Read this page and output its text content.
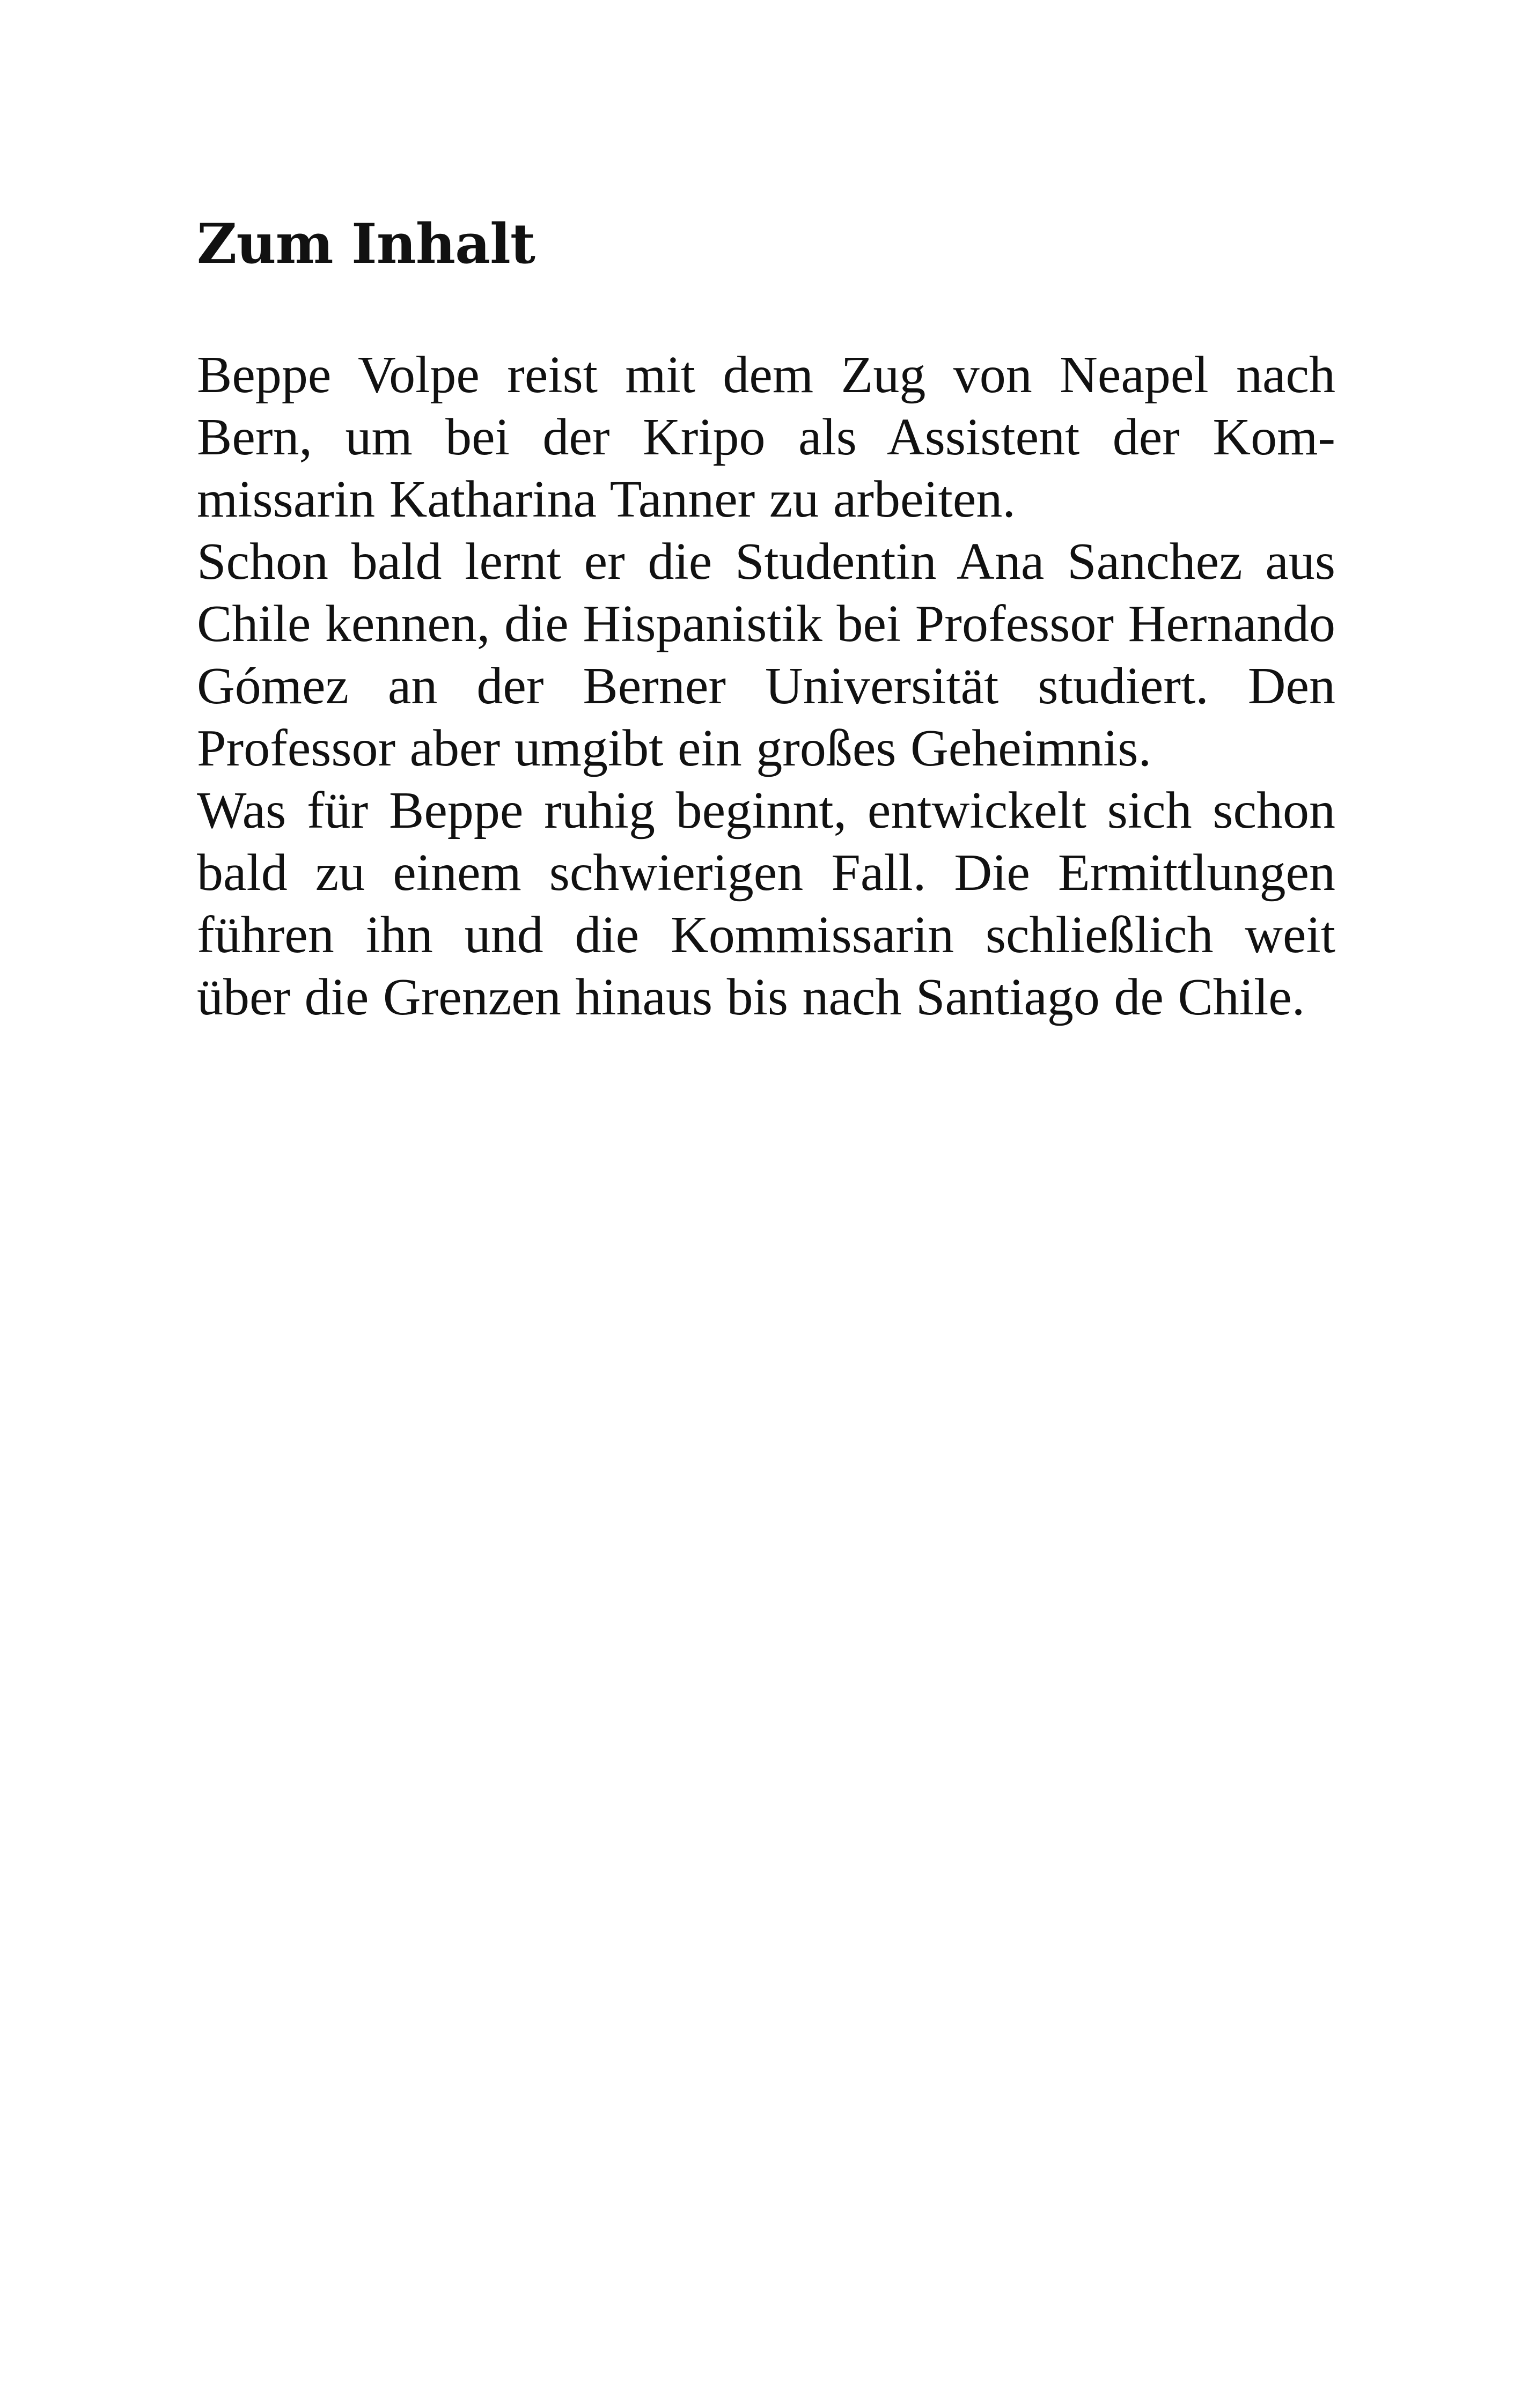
Zum Inhalt

Beppe Volpe reist mit dem Zug von Neapel nach Bern, um bei der Kripo als Assistent der Kommissarin Katharina Tanner zu arbeiten.

Schon bald lernt er die Studentin Ana Sanchez aus Chile kennen, die Hispanistik bei Professor Hernando Gómez an der Berner Universität studiert. Den Professor aber umgibt ein großes Geheimnis.

Was für Beppe ruhig beginnt, entwickelt sich schon bald zu einem schwierigen Fall. Die Ermittlungen führen ihn und die Kommissarin schließlich weit über die Grenzen hinaus bis nach Santiago de Chile.
